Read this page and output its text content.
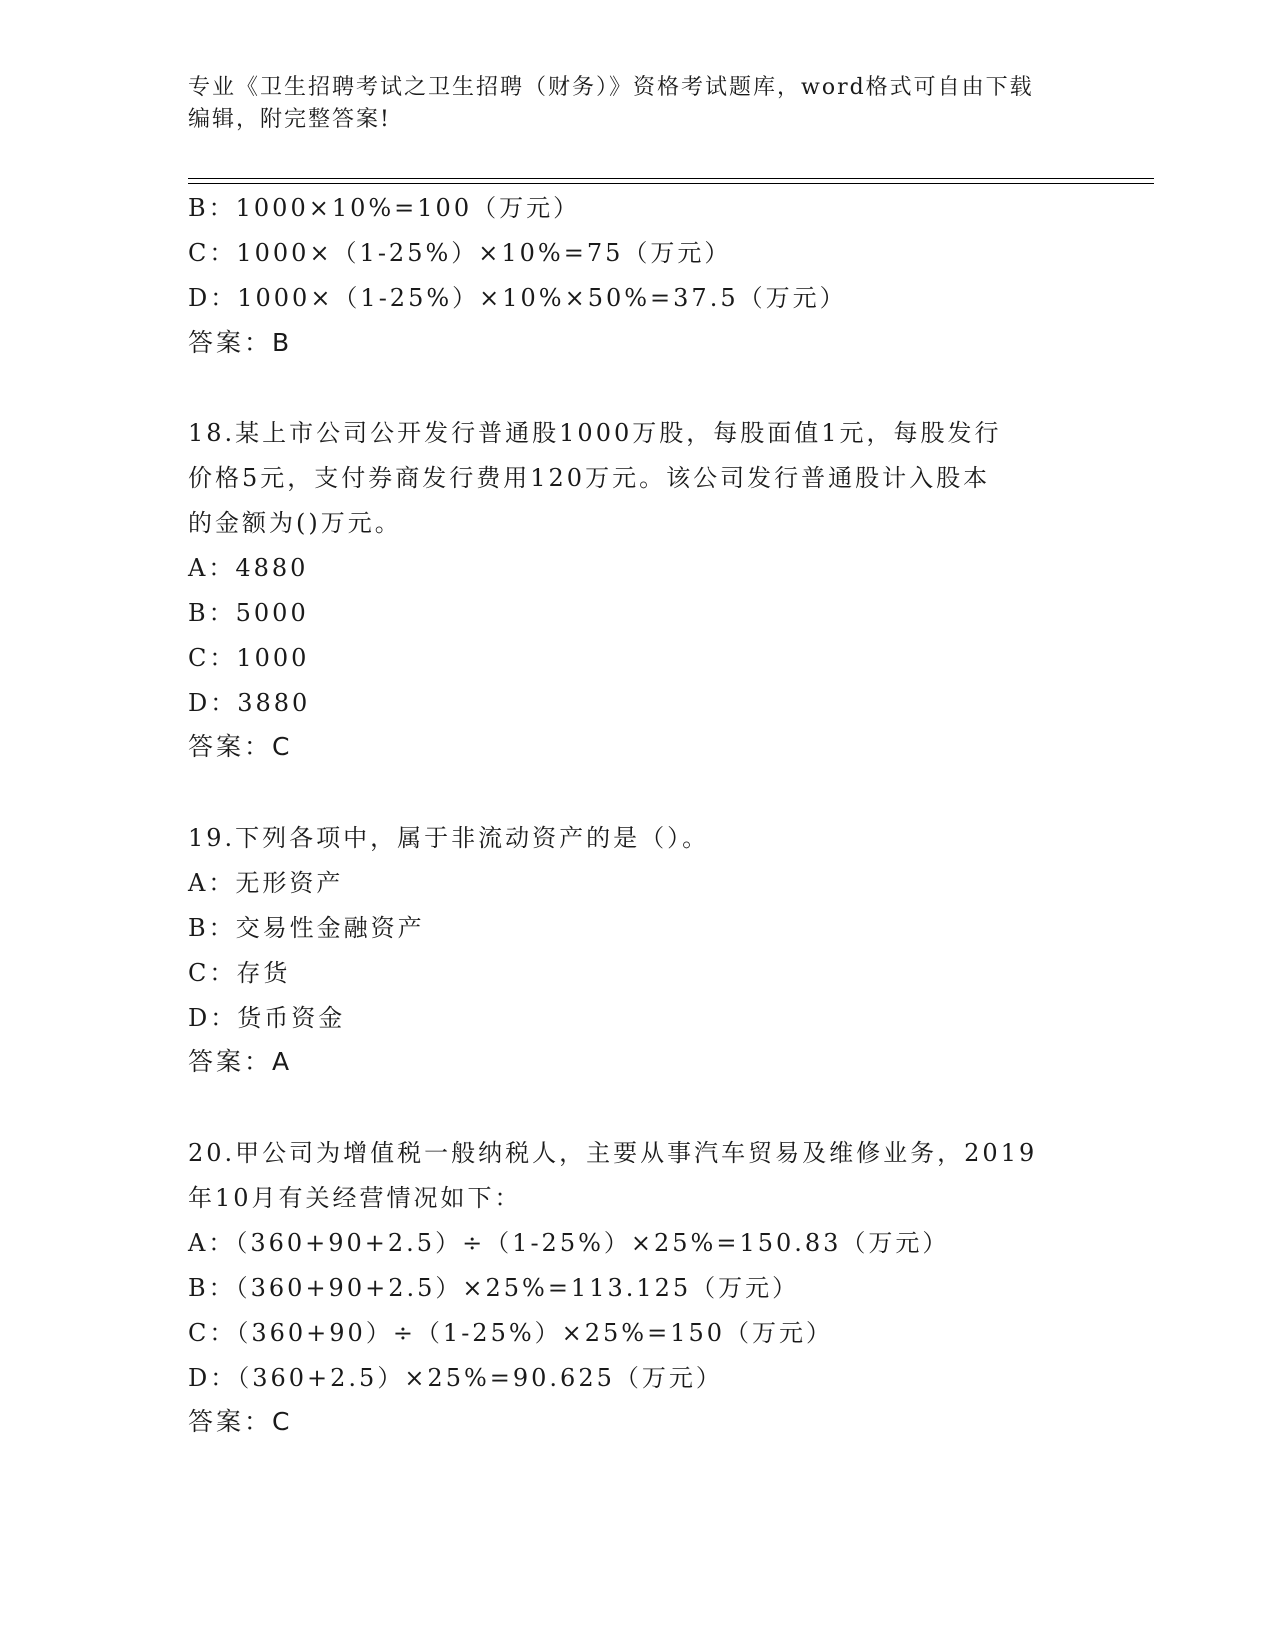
专业《卫生招聘考试之卫生招聘（财务）》资格考试题库，word格式可自由下载
编辑，附完整答案!
B：1000×10%=100（万元）
C：1000×（1-25%）×10%=75（万元）
D：1000×（1-25%）×10%×50%=37.5（万元）
答案：B
18.某上市公司公开发行普通股1000万股，每股面值1元，每股发行
价格5元，支付券商发行费用120万元。该公司发行普通股计入股本
的金额为()万元。
A：4880
B：5000
C：1000
D：3880
答案：C
19.下列各项中，属于非流动资产的是（）。
A：无形资产
B：交易性金融资产
C：存货
D：货币资金
答案：A
20.甲公司为增值税一般纳税人，主要从事汽车贸易及维修业务，2019
年10月有关经营情况如下：
A：（360+90+2.5）÷（1-25%）×25%=150.83（万元）
B：（360+90+2.5）×25%=113.125（万元）
C：（360+90）÷（1-25%）×25%=150（万元）
D：（360+2.5）×25%=90.625（万元）
答案：C
